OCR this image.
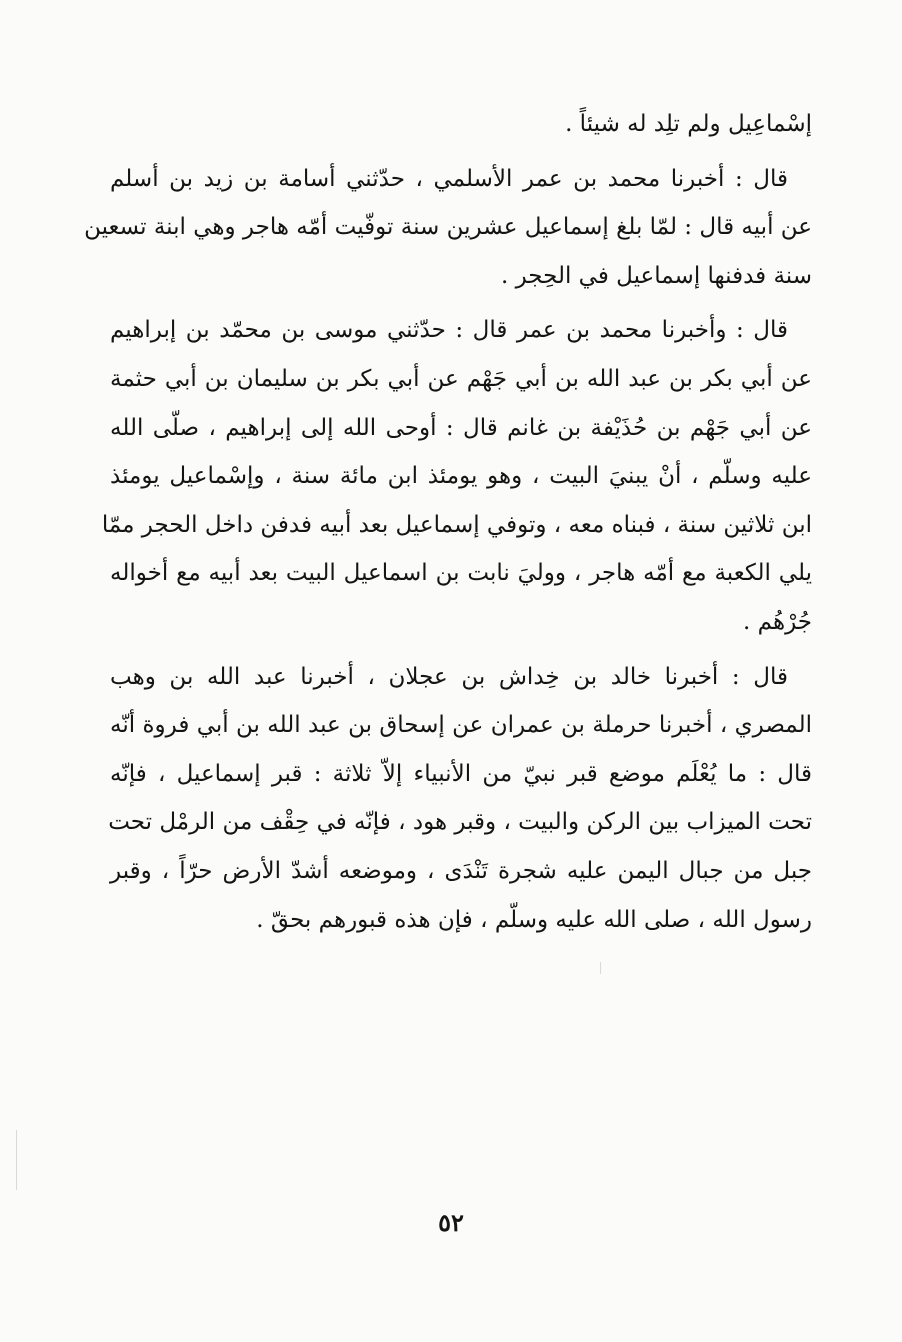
إسْماعِيل ولم تلِد له شيئاً .
قال : أخبرنا محمد بن عمر الأسلمي ، حدّثني أسامة بن زيد بن أسلم
عن أبيه قال : لمّا بلغ إسماعيل عشرين سنة توفّيت أمّه هاجر وهي ابنة تسعين
سنة فدفنها إسماعيل في الحِجر .
قال : وأخبرنا محمد بن عمر قال : حدّثني موسى بن محمّد بن إبراهيم
عن أبي بكر بن عبد الله بن أبي جَهْم عن أبي بكر بن سليمان بن أبي حثمة
عن أبي جَهْم بن حُذَيْفة بن غانم قال : أوحى الله إلى إبراهيم ، صلّى الله
عليه وسلّم ، أنْ يبنيَ البيت ، وهو يومئذ ابن مائة سنة ، وإسْماعيل يومئذ
ابن ثلاثين سنة ، فبناه معه ، وتوفي إسماعيل بعد أبيه فدفن داخل الحجر ممّا
يلي الكعبة مع أمّه هاجر ، ووليَ نابت بن اسماعيل البيت بعد أبيه مع أخواله
جُرْهُم .
قال : أخبرنا خالد بن خِداش بن عجلان ، أخبرنا عبد الله بن وهب
المصري ، أخبرنا حرملة بن عمران عن إسحاق بن عبد الله بن أبي فروة أنّه
قال : ما يُعْلَم موضع قبر نبيّ من الأنبياء إلاّ ثلاثة : قبر إسماعيل ، فإنّه
تحت الميزاب بين الركن والبيت ، وقبر هود ، فإنّه في حِقْف من الرمْل تحت
جبل من جبال اليمن عليه شجرة تَنْدَى ، وموضعه أشدّ الأرض حرّاً ، وقبر
رسول الله ، صلى الله عليه وسلّم ، فإن هذه قبورهم بحقّ .
٥٢
